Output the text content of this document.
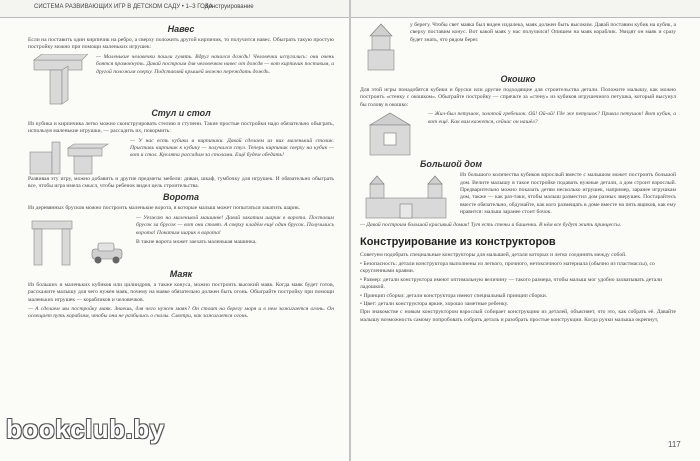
СИСТЕМА РАЗВИВАЮЩИХ ИГР В ДЕТСКОМ САДУ • 1–3 ГОДА
Конструирование
Навес
Если на поставить один кирпичик на ребро, а сверху положить другой кирпичик, то получится навес. Обыграть такую простую постройку можно при помощи маленьких игрушек:
— Маленькие человечки пошли гулять. Вдруг начался дождь! Человечки испугались: они очень боятся промокнуть. Давай построим для человечков навес от дождя — вот кирпичик поставим, а другой положим сверху. Подставляй крышей можно переждать дождь.
Стул и стол
Из кубика и кирпичика легко можно сконструировать стелию и ступени. Такие простые постройки надо обязательно обыграть, используя маленькие игрушки, — рассадить их, покормить:
— У нас есть кубики и кирпичики. Давай сделаем из них маленький столик. Приставь кирпичик к кубику — получился стул. Теперь кирпичик сверху на кубик — вот и стол. Куклята рассадим за столами. Ещё будем обедать!
Развивая эту игру, можно добавить и другие предметы мебели: диван, шкаф, тумбочку для игрушек. И обязательно обыграть все, чтобы игра имела смысл, чтобы ребенок видел цель строительства.
Ворота
Из деревянных брусков можно построить маленькие ворота, в которые малыш может попытаться закатить шарик.
— Уезжаю на маленькой машинке! Давай закатим шарик в ворота. Поставим брусок за брусок — вот они стоят. А сверху кладём ещё один брусок. Получились ворота! Покатим шарик в ворота!
В такие ворота может заехать маленькая машинка.
Маяк
Из больших и маленьких кубиков или цилиндров, а также конуса, можно построить высокий маяк. Когда маяк будет готов, расскажите малышу для чего нужен маяк, почему на маяке обязательно должен быть огонь. Обыграйте постройку при помощи маленьких игрушек — корабликов и человечков.
— А сделаем мы постройку маяк. Знаешь, для чего нужен маяк? Он стоит на берегу моря и в нем зажигается огонь. Он освещает путь кораблям, чтобы они не разбились о скалы. Смотри, как зажигается огонь.
у берегу. Чтобы свет маяка был виден издалека, маяк должен быть высоким. Давай поставим кубик на кубик, а сверху поставим конус. Вот какой маяк у нас получился! Опишем на маяк кораблик. Увидят он маяк и сразу будет знать, что рядом берег.
Окошко
Для этой игры понадобятся кубики и бруски или другие подходящие для строительства детали. Положите малышу, как можно построить «стенку с окошком». Обыграйте постройку — спрячьте за «стену» из кубиков игрушечного петушка, который высунул бы голову в окошко:
— Жил-был петушок, золотой гребешок. Ой! Ой-ой! Где же петушок? Привал петушок! Вот кубик, а вот ещё. Как вам кажется, сейчас он нашёл?
Большой дом
Из большого количества кубиков взрослый вместе с малышом может построить большой дом. Велите малышу в такое постройке подавать нужные детали, а дом строит взрослый. Предварительно можно показать детям несколько игрушек, например, заранее игрушкам дом, также — как раз-таки, чтобы малыш разместил дом разных зверушек. Постарайтесь вместе обязательно, обдумайте, как кого размещать в доме вместе на пять ящиков, как ему нравится: малыш заранее стоит бочок.
— Давай построим большой красивый домик! Тут есть стены и башенки. В нём все будут жить принцессы.
Конструирование из конструкторов
Советуем подобрать специальные конструкторы для малышей, детали которых и легко соединять между собой.
• Безопасность: детали конструктора выполнены из легкого, прочного, нетоксичного материала (обычно из пластмассы), со скругленными краями.
• Размер: детали конструктора имеют оптимальную величину — такого размера, чтобы малыш мог удобно захватывать детали ладошкой.
• Принцип сборки: детали конструктора имеют специальный принцип сборки.
• Цвет: детали конструктора яркие, хорошо заметные ребенку.
При знакомстве с новым конструктором взрослый собирает конструкцию из деталей, объясняет, что это, как собрать её. Давайте малышу возможность самому попробовать собрать деталь и разобрать простые конструкции. Когда ручки малыша окрепнут,
bookclub.by
117
